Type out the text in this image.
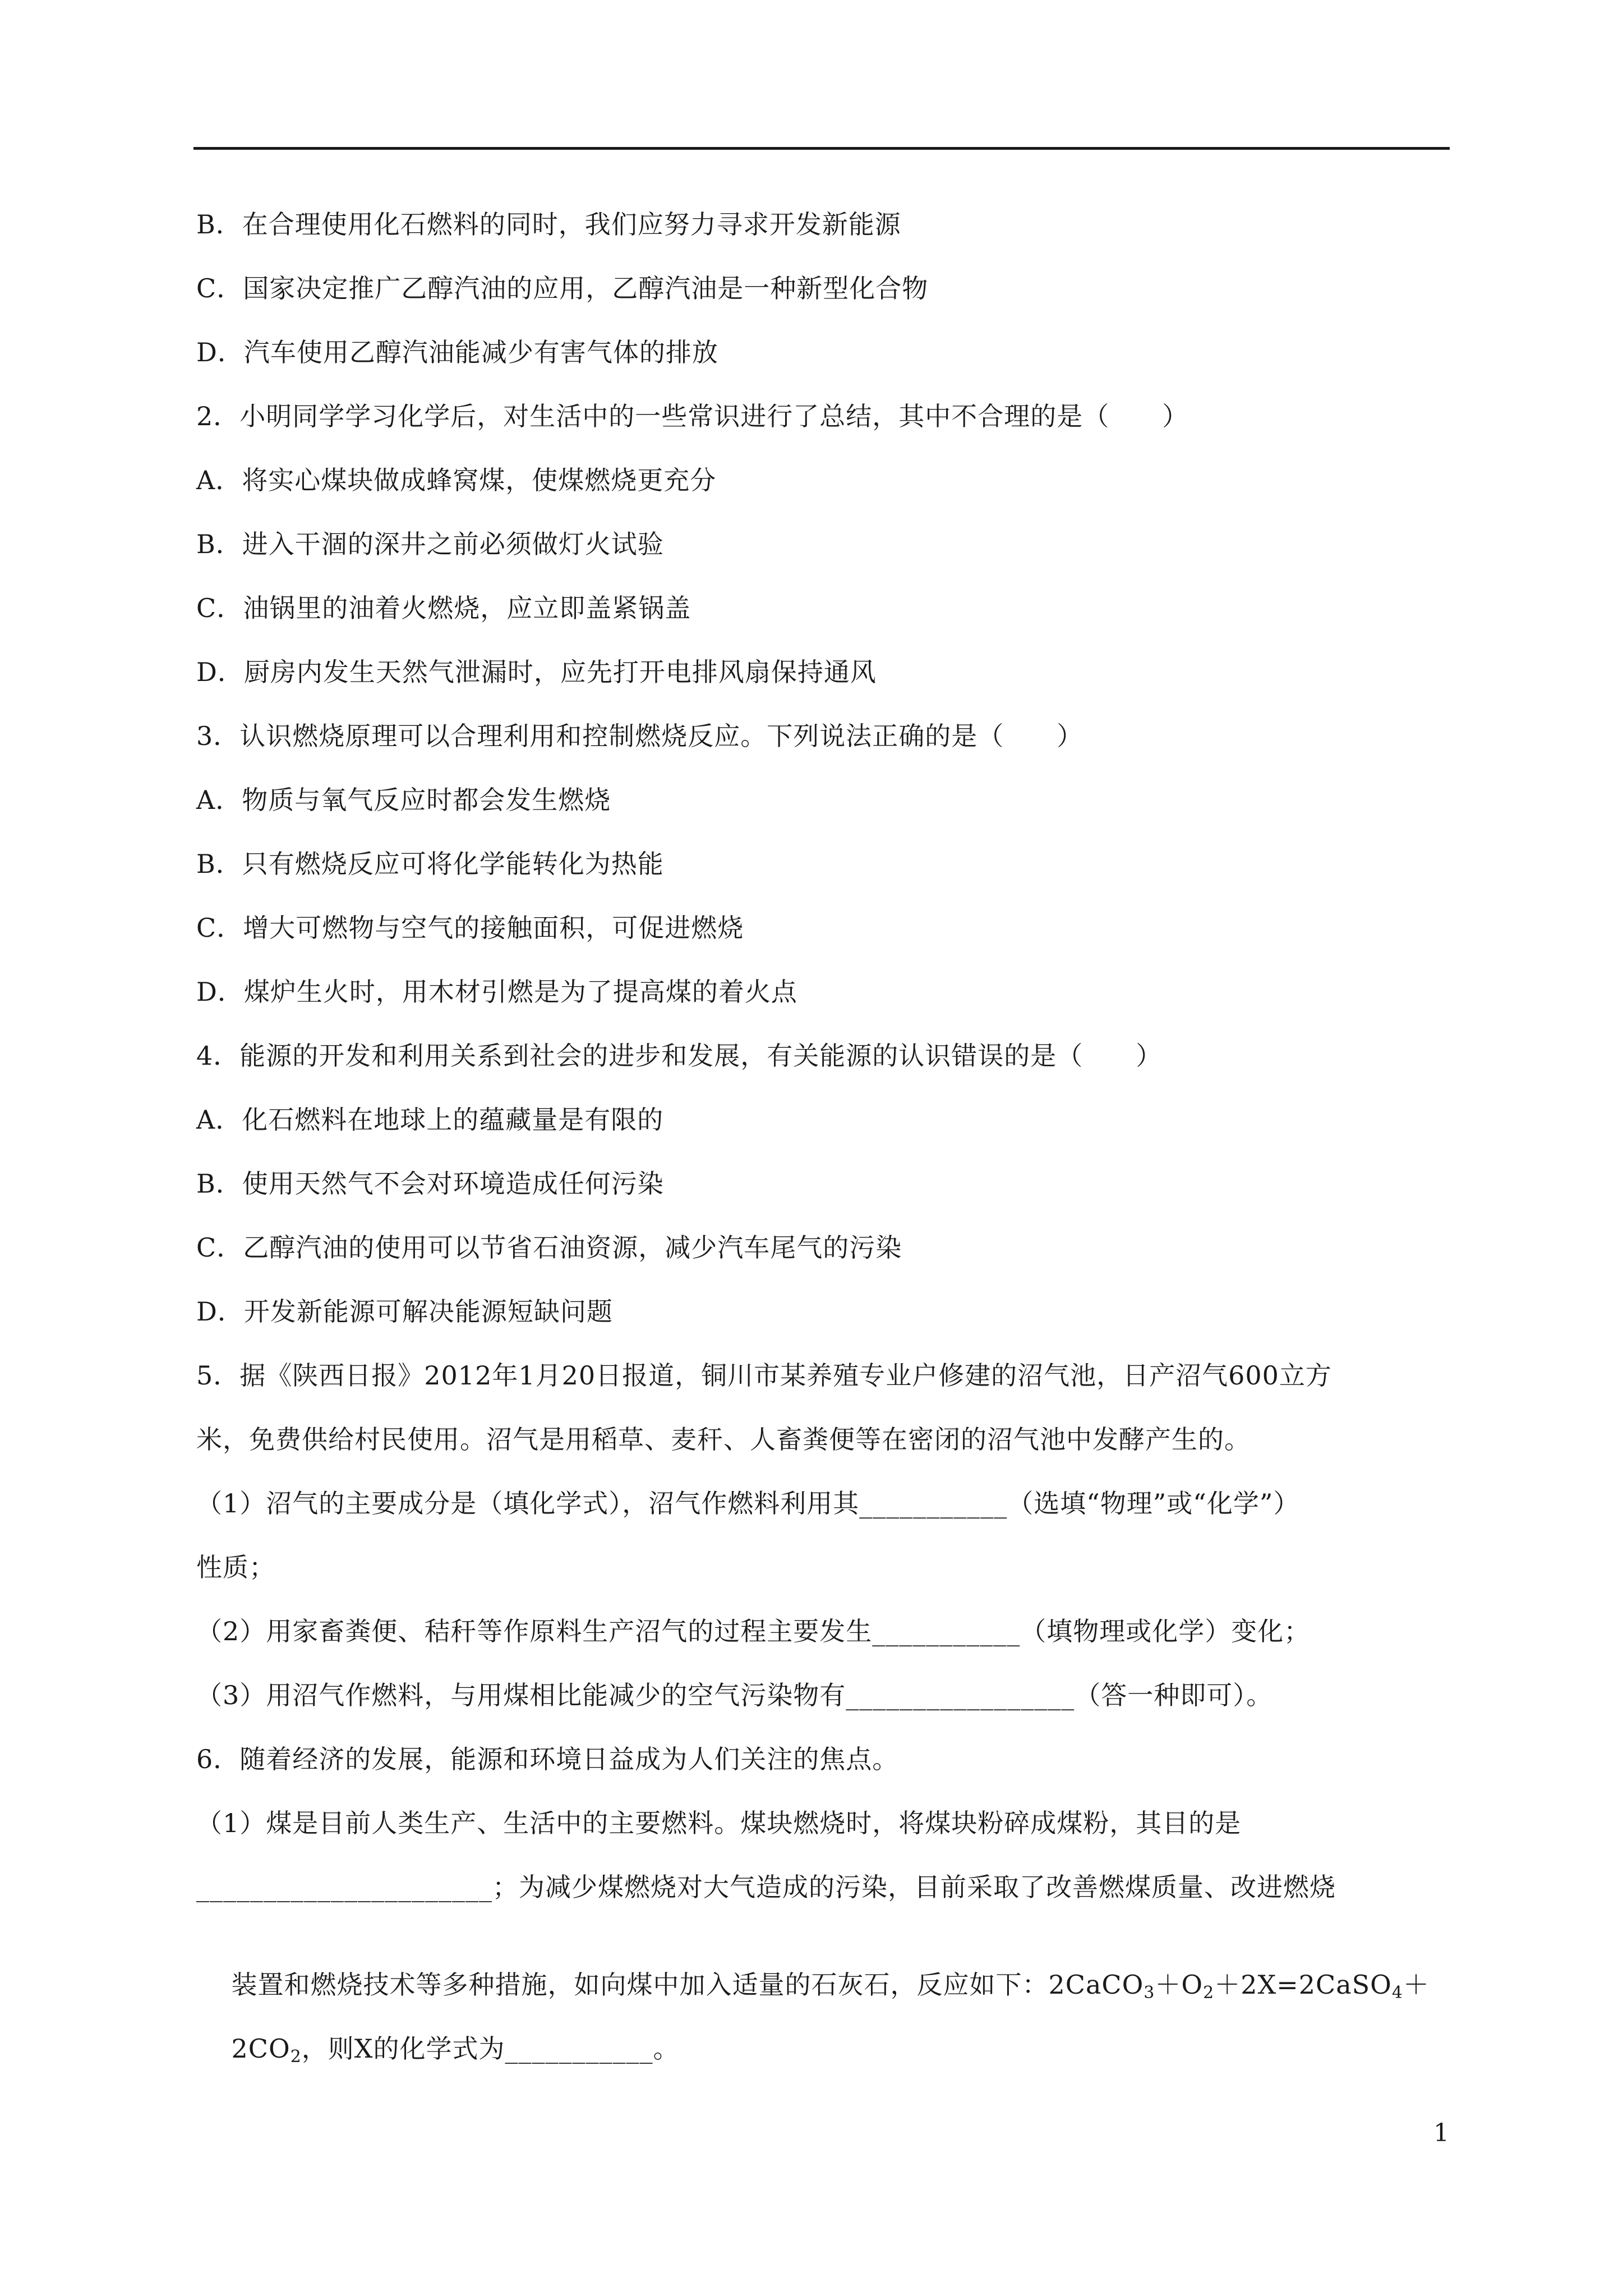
B．在合理使用化石燃料的同时，我们应努力寻求开发新能源
C．国家决定推广乙醇汽油的应用，乙醇汽油是一种新型化合物
D．汽车使用乙醇汽油能减少有害气体的排放
2．小明同学学习化学后，对生活中的一些常识进行了总结，其中不合理的是（　　）
A．将实心煤块做成蜂窝煤，使煤燃烧更充分
B．进入干涸的深井之前必须做灯火试验
C．油锅里的油着火燃烧，应立即盖紧锅盖
D．厨房内发生天然气泄漏时，应先打开电排风扇保持通风
3．认识燃烧原理可以合理利用和控制燃烧反应。下列说法正确的是（　　）
A．物质与氧气反应时都会发生燃烧
B．只有燃烧反应可将化学能转化为热能
C．增大可燃物与空气的接触面积，可促进燃烧
D．煤炉生火时，用木材引燃是为了提高煤的着火点
4．能源的开发和利用关系到社会的进步和发展，有关能源的认识错误的是（　　）
A．化石燃料在地球上的蕴藏量是有限的
B．使用天然气不会对环境造成任何污染
C．乙醇汽油的使用可以节省石油资源，减少汽车尾气的污染
D．开发新能源可解决能源短缺问题
5．据《陕西日报》2012年1月20日报道，铜川市某养殖专业户修建的沼气池，日产沼气600立方
米，免费供给村民使用。沼气是用稻草、麦秆、人畜粪便等在密闭的沼气池中发酵产生的。
（1）沼气的主要成分是（填化学式），沼气作燃料利用其___________（选填“物理”或“化学”）
性质；
（2）用家畜粪便、秸秆等作原料生产沼气的过程主要发生___________（填物理或化学）变化；
（3）用沼气作燃料，与用煤相比能减少的空气污染物有_________________（答一种即可）。
6．随着经济的发展，能源和环境日益成为人们关注的焦点。
（1）煤是目前人类生产、生活中的主要燃料。煤块燃烧时，将煤块粉碎成煤粉，其目的是
______________________；为减少煤燃烧对大气造成的污染，目前采取了改善燃煤质量、改进燃烧

装置和燃烧技术等多种措施，如向煤中加入适量的石灰石，反应如下：$2CaCO_3+O_2+2X=2CaSO_4+$

$2CO_2$，则X的化学式为___________。

1
